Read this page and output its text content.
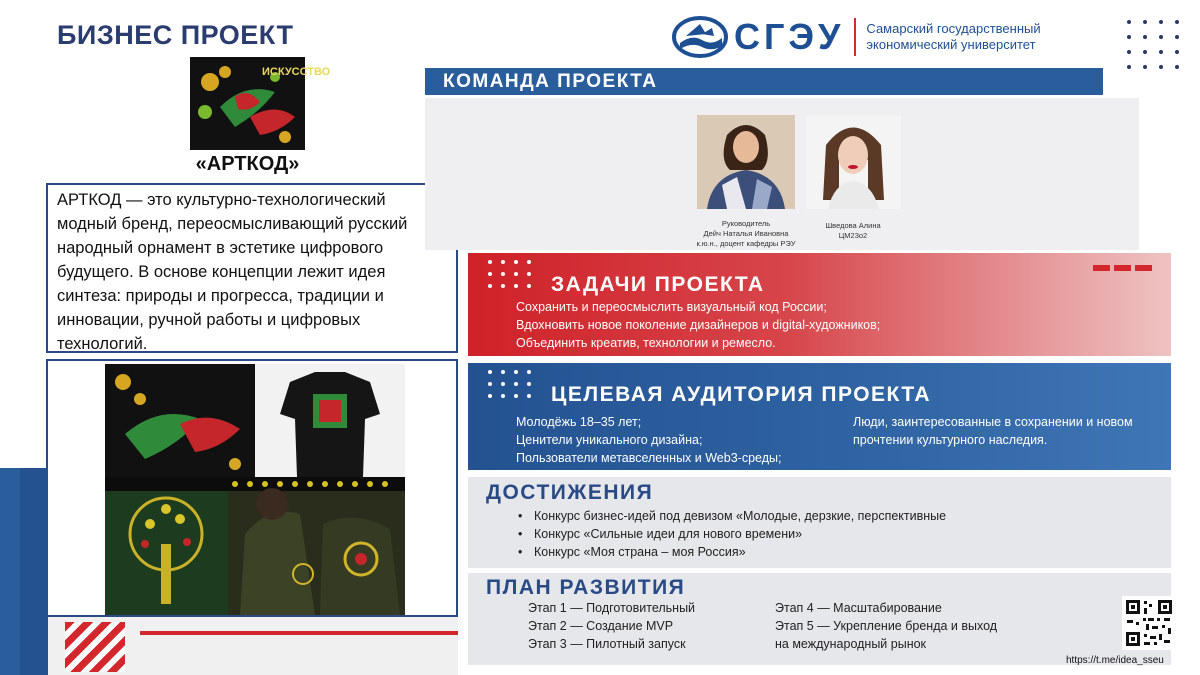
БИЗНЕС ПРОЕКТ	СГЭУ Самарский государственный
экономический университет
ИСКУССТВО
«АРТКОД»
АРТКОД — это культурно-технологический модный бренд, переосмысливающий русский народный орнамент в эстетике цифрового будущего. В основе концепции лежит идея синтеза: природы и прогресса, традиции и инновации, ручной работы и цифровых технологий.
КОМАНДА ПРОЕКТА
Руководитель
Дейч Наталья Ивановна
к.ю.н., доцент кафедры РЭУ
Шведова Алина
ЦМ23о2
ЗАДАЧИ ПРОЕКТА
Сохранить и переосмыслить визуальный код России;
Вдохновить новое поколение дизайнеров и digital-художников;
Объединить креатив, технологии и ремесло.
ЦЕЛЕВАЯ АУДИТОРИЯ ПРОЕКТА
Молодёжь 18–35 лет;
Ценители уникального дизайна;
Пользователи метавселенных и Web3-среды;
Люди, заинтересованные в сохранении и новом
прочтении культурного наследия.
ДОСТИЖЕНИЯ
• Конкурс бизнес-идей под девизом «Молодые, дерзкие, перспективные
• Конкурс «Сильные идеи для нового времени»
• Конкурс «Моя страна – моя Россия»
ПЛАН РАЗВИТИЯ
Этап 1 — Подготовительный
Этап 2 — Создание MVP
Этап 3 — Пилотный запуск
Этап 4 — Масштабирование
Этап 5 — Укрепление бренда и выход
на международный рынок
https://t.me/idea_sseu
